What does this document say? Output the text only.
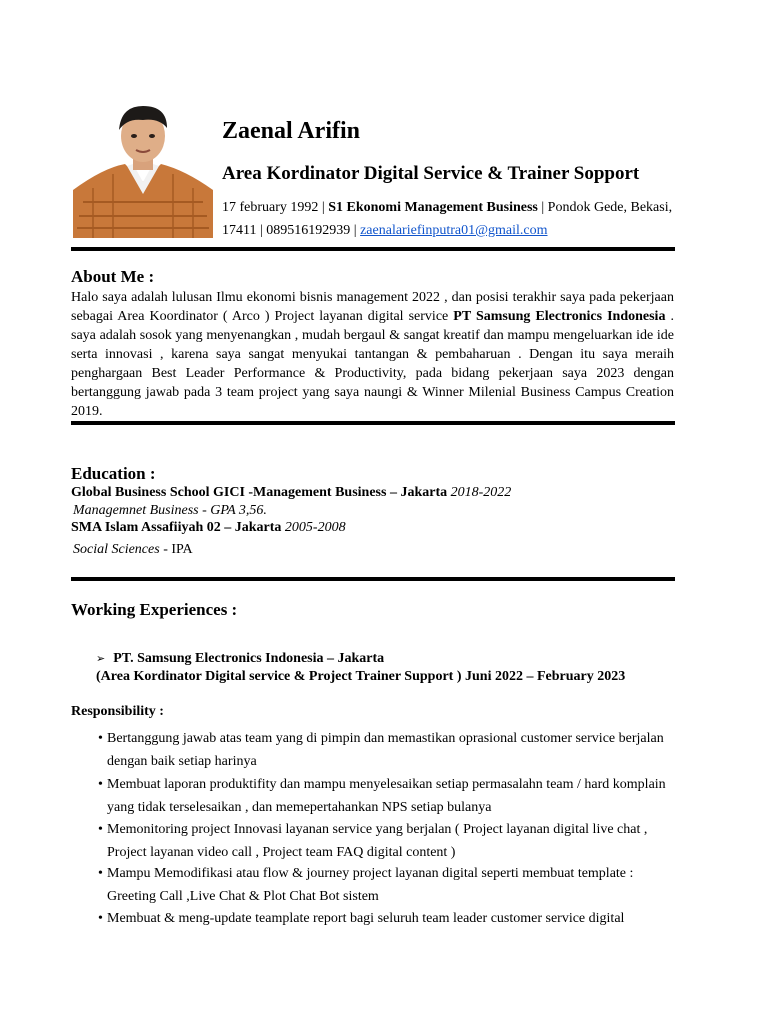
Zaenal Arifin
Area Kordinator Digital Service & Trainer Sopport
17 february 1992 | S1 Ekonomi Management Business | Pondok Gede, Bekasi,
17411 | 089516192939 | zaenalariefinputra01@gmail.com
About Me :
Halo saya adalah lulusan Ilmu ekonomi bisnis management 2022 , dan posisi terakhir saya pada pekerjaan sebagai Area Koordinator ( Arco ) Project layanan digital service PT Samsung Electronics Indonesia . saya adalah sosok yang menyenangkan , mudah bergaul & sangat kreatif dan mampu mengeluarkan ide ide serta innovasi , karena saya sangat menyukai tantangan & pembaharuan . Dengan itu saya meraih penghargaan Best Leader Performance & Productivity, pada bidang pekerjaan saya 2023 dengan bertanggung jawab pada 3 team project yang saya naungi & Winner Milenial Business Campus Creation 2019.
Education :
Global Business School GICI -Management Business – Jakarta 2018-2022
Managemnet Business - GPA 3,56.
SMA Islam Assafiiyah 02 – Jakarta 2005-2008
Social Sciences - IPA
Working Experiences :
➢ PT. Samsung Electronics Indonesia – Jakarta
(Area Kordinator Digital service & Project Trainer Support ) Juni 2022 – February 2023
Responsibility :
• Bertanggung jawab atas team yang di pimpin dan memastikan oprasional customer service berjalan dengan baik setiap harinya
• Membuat laporan produktifity dan mampu menyelesaikan setiap permasalahn team / hard komplain yang tidak terselesaikan , dan memepertahankan NPS setiap bulanya
• Memonitoring project Innovasi layanan service yang berjalan ( Project layanan digital live chat , Project layanan video call , Project team FAQ digital content )
• Mampu Memodifikasi atau flow & journey project layanan digital seperti membuat template : Greeting Call ,Live Chat & Plot Chat Bot sistem
• Membuat & meng-update teamplate report bagi seluruh team leader customer service digital
